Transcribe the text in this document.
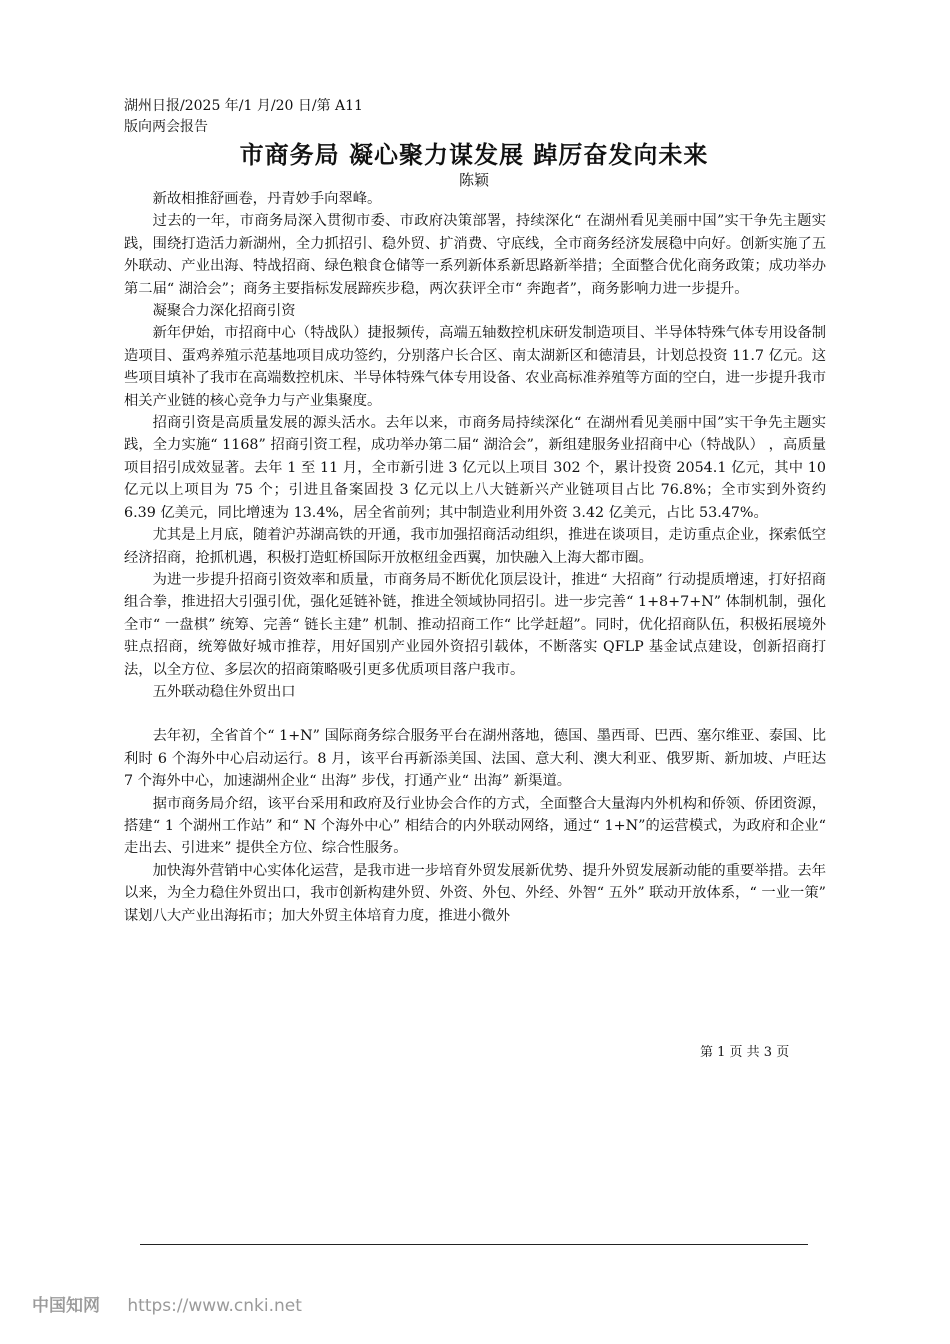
湖州日报/2025 年/1 月/20 日/第 A11
版向两会报告
市商务局 凝心聚力谋发展 踔厉奋发向未来
陈颖

新故相推舒画卷，丹青妙手向翠峰。

过去的一年，市商务局深入贯彻市委、市政府决策部署，持续深化“ 在湖州看见美丽中国”实干争先主题实践，围绕打造活力新湖州，全力抓招引、稳外贸、扩消费、守底线，全市商务经济发展稳中向好。创新实施了五外联动、产业出海、特战招商、绿色粮食仓储等一系列新体系新思路新举措；全面整合优化商务政策；成功举办第二届“ 湖洽会”；商务主要指标发展蹄疾步稳，两次获评全市“ 奔跑者”，商务影响力进一步提升。

凝聚合力深化招商引资

新年伊始，市招商中心（特战队）捷报频传，高端五轴数控机床研发制造项目、半导体特殊气体专用设备制造项目、蛋鸡养殖示范基地项目成功签约，分别落户长合区、南太湖新区和德清县，计划总投资 11.7 亿元。这些项目填补了我市在高端数控机床、半导体特殊气体专用设备、农业高标准养殖等方面的空白，进一步提升我市相关产业链的核心竞争力与产业集聚度。

招商引资是高质量发展的源头活水。去年以来，市商务局持续深化“ 在湖州看见美丽中国”实干争先主题实践，全力实施“ 1168” 招商引资工程，成功举办第二届“ 湖洽会”，新组建服务业招商中心（特战队） ，高质量项目招引成效显著。去年 1 至 11 月，全市新引进 3 亿元以上项目 302 个，累计投资 2054.1 亿元，其中 10 亿元以上项目为 75 个；引进且备案固投 3 亿元以上八大链新兴产业链项目占比 76.8%；全市实到外资约 6.39 亿美元，同比增速为 13.4%，居全省前列；其中制造业利用外资 3.42 亿美元，占比 53.47%。

尤其是上月底，随着沪苏湖高铁的开通，我市加强招商活动组织，推进在谈项目，走访重点企业，探索低空经济招商，抢抓机遇，积极打造虹桥国际开放枢纽金西翼，加快融入上海大都市圈。

为进一步提升招商引资效率和质量，市商务局不断优化顶层设计，推进“ 大招商” 行动提质增速，打好招商组合拳，推进招大引强引优，强化延链补链，推进全领域协同招引。进一步完善“ 1+8+7+N” 体制机制，强化全市“ 一盘棋” 统筹、完善“ 链长主建” 机制、推动招商工作“ 比学赶超”。同时，优化招商队伍，积极拓展境外驻点招商，统筹做好城市推荐，用好国别产业园外资招引载体，不断落实 QFLP 基金试点建设，创新招商打法，以全方位、多层次的招商策略吸引更多优质项目落户我市。

五外联动稳住外贸出口

去年初，全省首个“ 1+N” 国际商务综合服务平台在湖州落地，德国、墨西哥、巴西、塞尔维亚、泰国、比利时 6 个海外中心启动运行。8 月，该平台再新添美国、法国、意大利、澳大利亚、俄罗斯、新加坡、卢旺达 7 个海外中心，加速湖州企业“ 出海” 步伐，打通产业“ 出海” 新渠道。

据市商务局介绍，该平台采用和政府及行业协会合作的方式，全面整合大量海内外机构和侨领、侨团资源，搭建“ 1 个湖州工作站” 和“ N 个海外中心” 相结合的内外联动网络，通过“ 1+N”的运营模式，为政府和企业“ 走出去、引进来” 提供全方位、综合性服务。

加快海外营销中心实体化运营，是我市进一步培育外贸发展新优势、提升外贸发展新动能的重要举措。去年以来，为全力稳住外贸出口，我市创新构建外贸、外资、外包、外经、外智“ 五外” 联动开放体系，“ 一业一策” 谋划八大产业出海拓市；加大外贸主体培育力度，推进小微外

第 1 页 共 3 页
中国知网 https://www.cnki.net
